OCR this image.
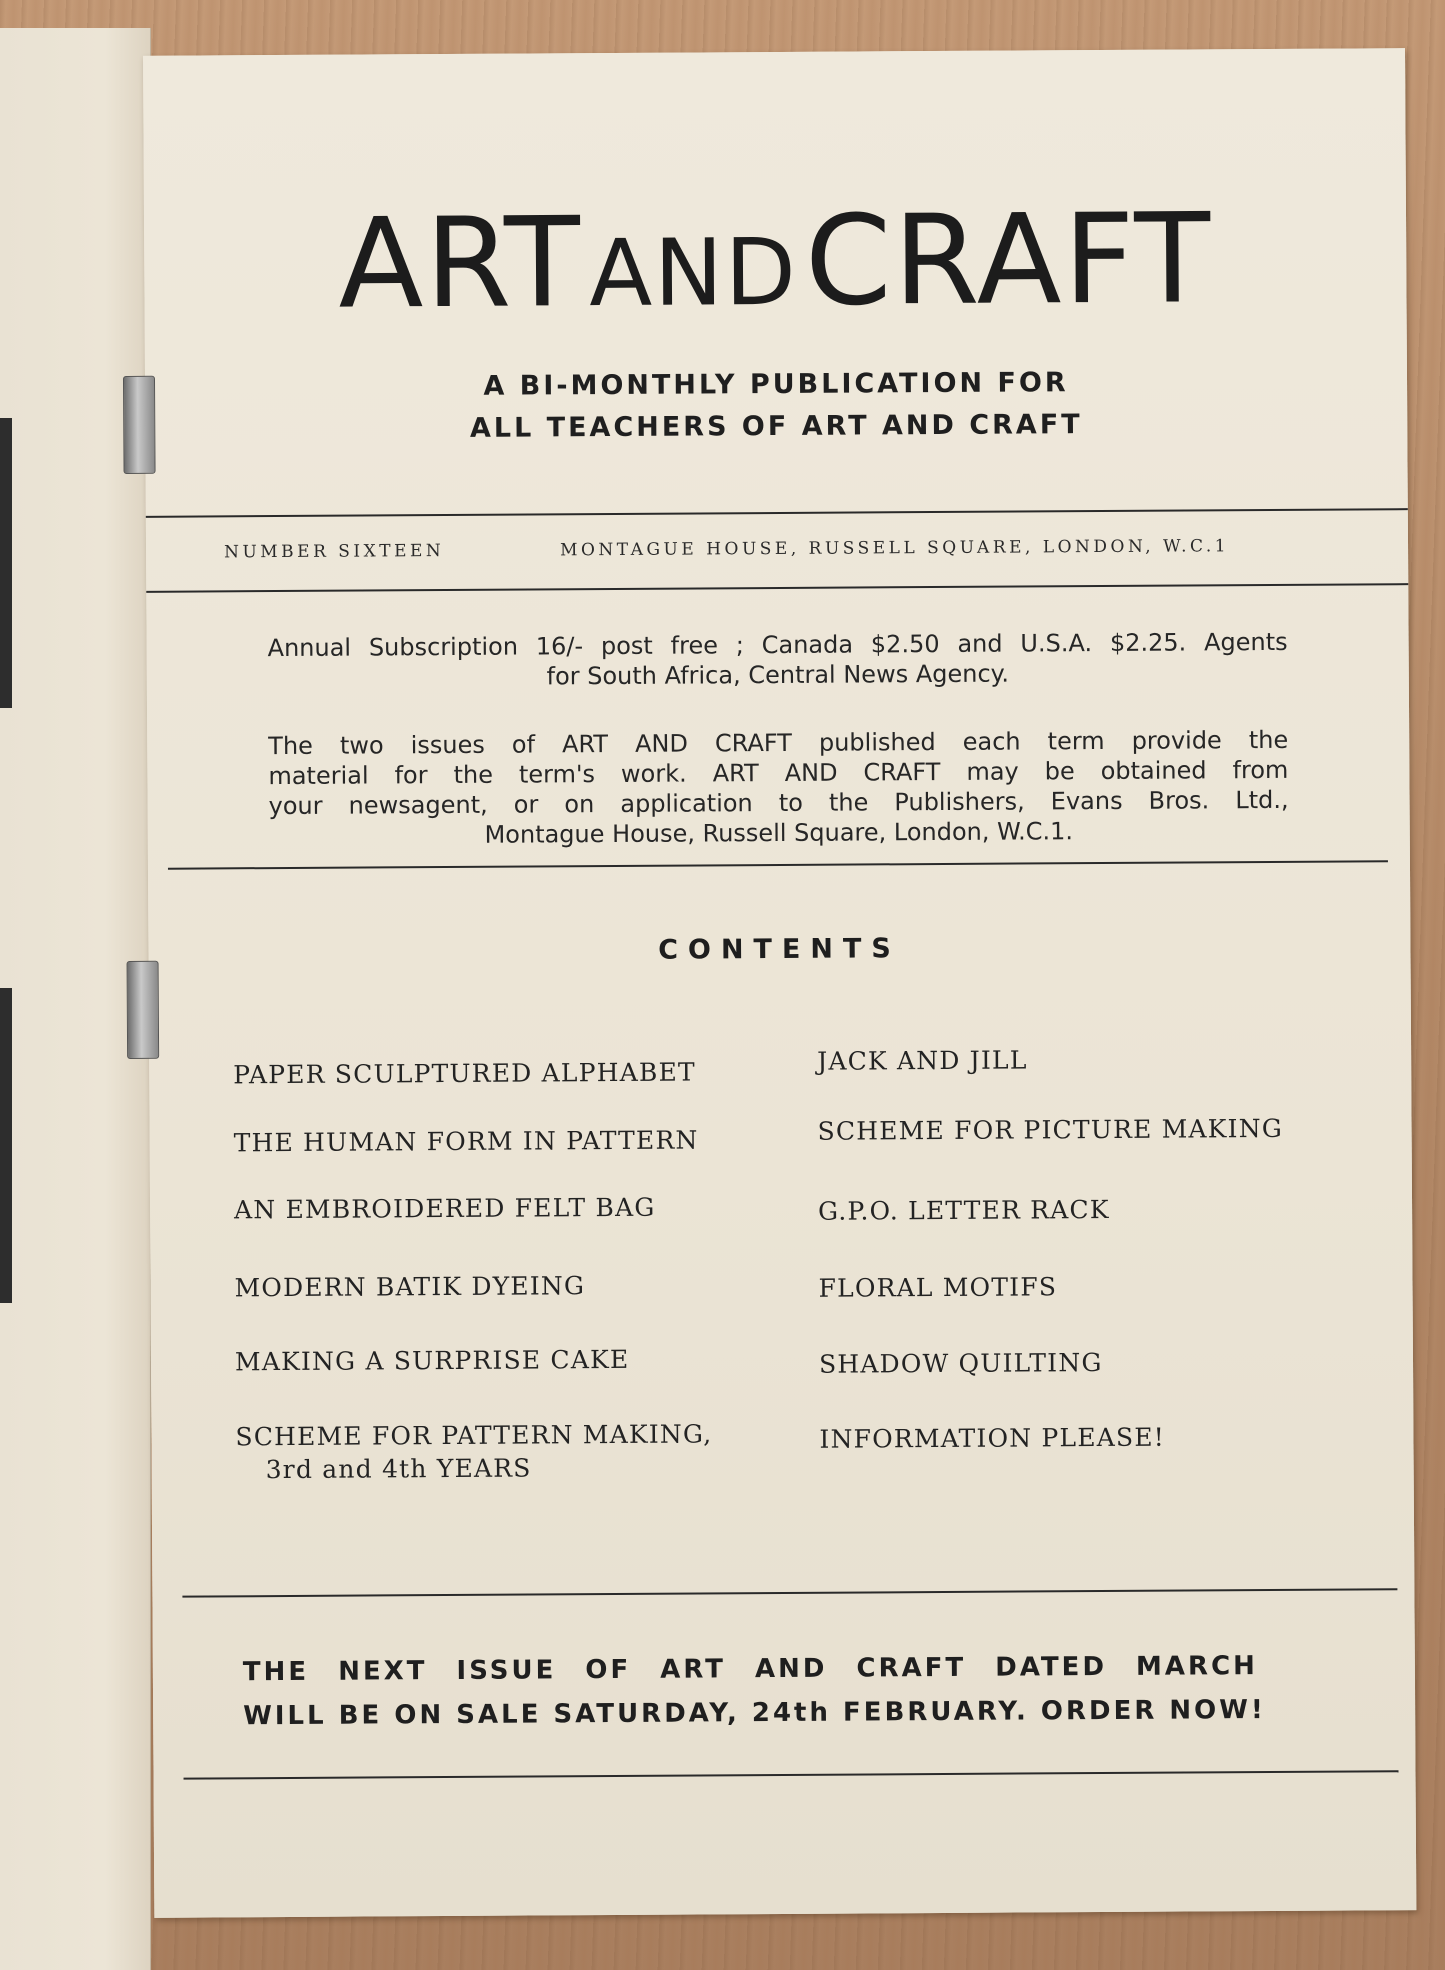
ART AND CRAFT
A BI-MONTHLY PUBLICATION FOR
ALL TEACHERS OF ART AND CRAFT
NUMBER SIXTEEN	MONTAGUE HOUSE, RUSSELL SQUARE, LONDON, W.C.1
Annual Subscription 16/- post free ; Canada $2.50 and U.S.A. $2.25. Agents
for South Africa, Central News Agency.
The two issues of ART AND CRAFT published each term provide the
material for the term's work. ART AND CRAFT may be obtained from
your newsagent, or on application to the Publishers, Evans Bros. Ltd.,
Montague House, Russell Square, London, W.C.1.
CONTENTS
PAPER SCULPTURED ALPHABET
THE HUMAN FORM IN PATTERN
AN EMBROIDERED FELT BAG
MODERN BATIK DYEING
MAKING A SURPRISE CAKE
SCHEME FOR PATTERN MAKING,
3rd and 4th YEARS
JACK AND JILL
SCHEME FOR PICTURE MAKING
G.P.O. LETTER RACK
FLORAL MOTIFS
SHADOW QUILTING
INFORMATION PLEASE!
THE NEXT ISSUE OF ART AND CRAFT DATED MARCH
WILL BE ON SALE SATURDAY, 24th FEBRUARY. ORDER NOW!
